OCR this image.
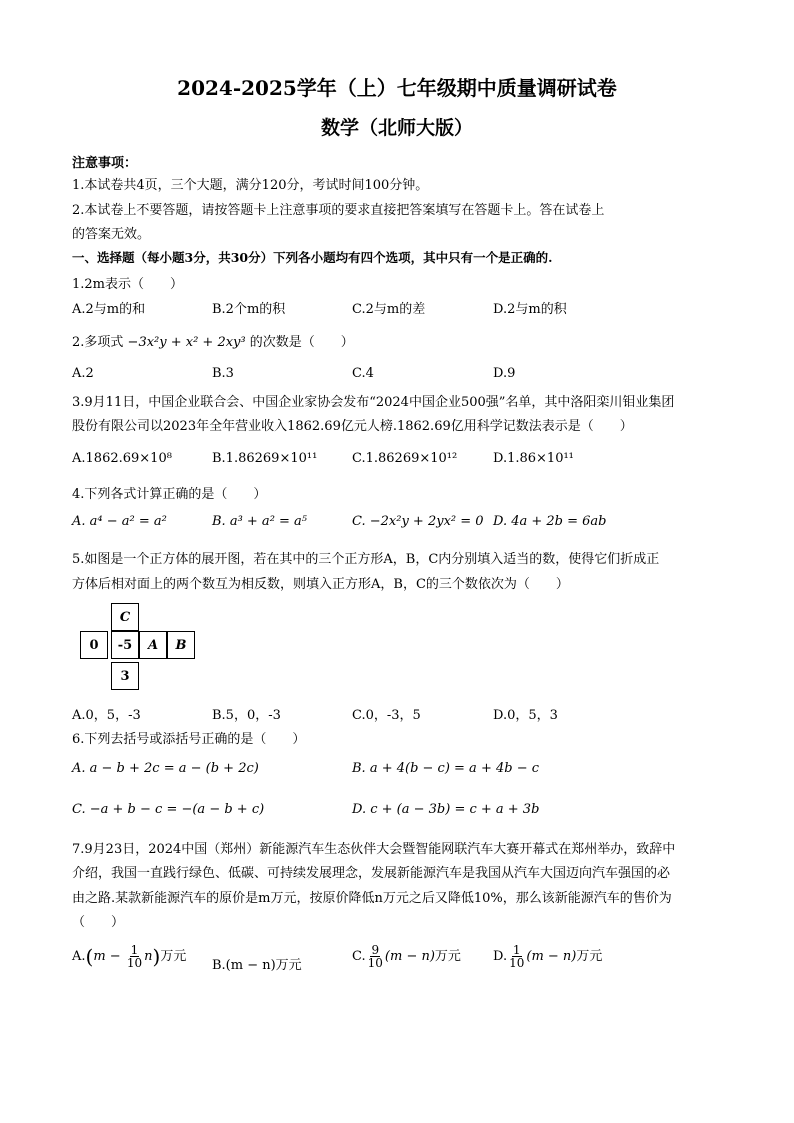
2024-2025学年（上）七年级期中质量调研试卷
数学（北师大版）
注意事项：
1.本试卷共4页，三个大题，满分120分，考试时间100分钟。
2.本试卷上不要答题，请按答题卡上注意事项的要求直接把答案填写在答题卡上。答在试卷上
的答案无效。
一、选择题（每小题3分，共30分）下列各小题均有四个选项，其中只有一个是正确的.
1.2m表示（　　）
A.2与m的和	B.2个m的积	C.2与m的差	D.2与m的积
2.多项式 −3x²y + x² + 2xy³ 的次数是（　　）
A.2	B.3	C.4	D.9
3.9月11日，中国企业联合会、中国企业家协会发布“2024中国企业500强”名单，其中洛阳栾川钼业集团
股份有限公司以2023年全年营业收入1862.69亿元人榜.1862.69亿用科学记数法表示是（　　）
A.1862.69×10⁸	B.1.86269×10¹¹	C.1.86269×10¹²	D.1.86×10¹¹
4.下列各式计算正确的是（　　）
A. a⁴ − a² = a²	B. a³ + a² = a⁵	C. −2x²y + 2yx² = 0 D. 4a + 2b = 6ab
5.如图是一个正方体的展开图，若在其中的三个正方形A，B，C内分别填入适当的数，使得它们折成正
方体后相对面上的两个数互为相反数，则填入正方形A，B，C的三个数依次为（　　）
C
0	-5	A	B
3
A.0，5，-3	B.5，0，-3	C.0，-3，5	D.0，5，3
6.下列去括号或添括号正确的是（　　）
A. a − b + 2c = a − (b + 2c)	B. a + 4(b − c) = a + 4b − c
C. −a + b − c = −(a − b + c)	D. c + (a − 3b) = c + a + 3b
7.9月23日，2024中国（郑州）新能源汽车生态伙伴大会暨智能网联汽车大赛开幕式在郑州举办，致辞中
介绍，我国一直践行绿色、低碳、可持续发展理念，发展新能源汽车是我国从汽车大国迈向汽车强国的必
由之路.某款新能源汽车的原价是m万元，按原价降低n万元之后又降低10%，那么该新能源汽车的售价为
（　　）
$A.(m - \frac{1}{10} n)$万元
B.(m − n)万元
C. $\frac{9}{10} (m - n)$万元 D. $\frac{1}{10} (m - n)$万元
